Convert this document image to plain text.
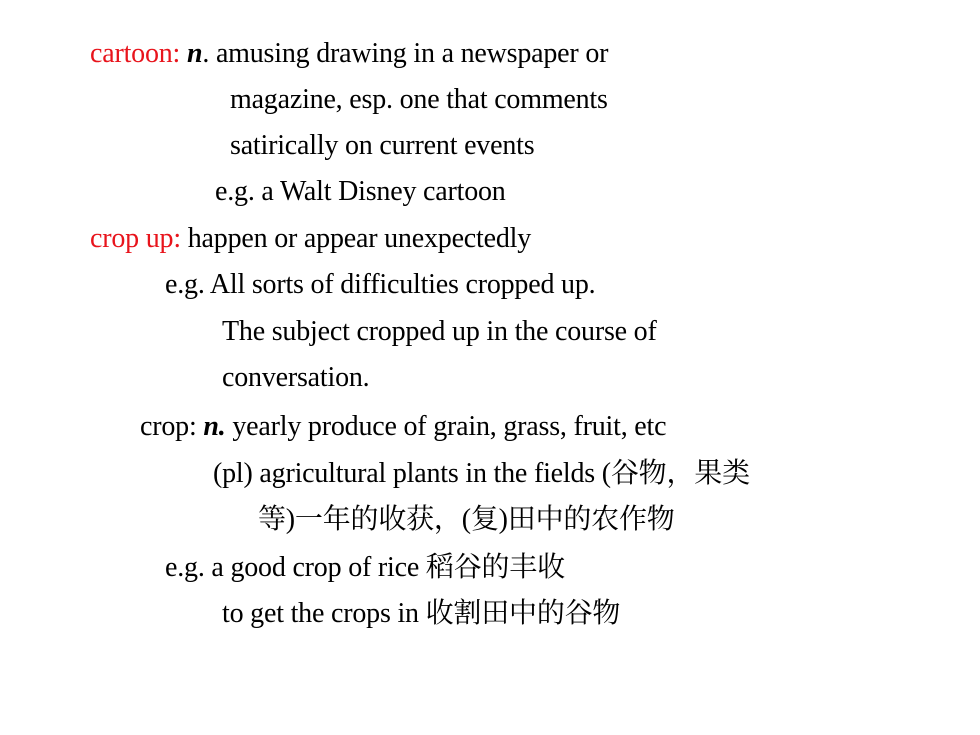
cartoon: n. amusing drawing in a newspaper or
magazine, esp. one that comments
satirically on current events
e.g. a Walt Disney cartoon
crop up: happen or appear unexpectedly
e.g. All sorts of difficulties cropped up.
The subject cropped up in the course of
conversation.
crop: n. yearly produce of grain, grass, fruit, etc
(pl) agricultural plants in the fields (谷物，果类
等)一年的收获，(复)田中的农作物
e.g. a good crop of rice 稻谷的丰收
to get the crops in 收割田中的谷物
